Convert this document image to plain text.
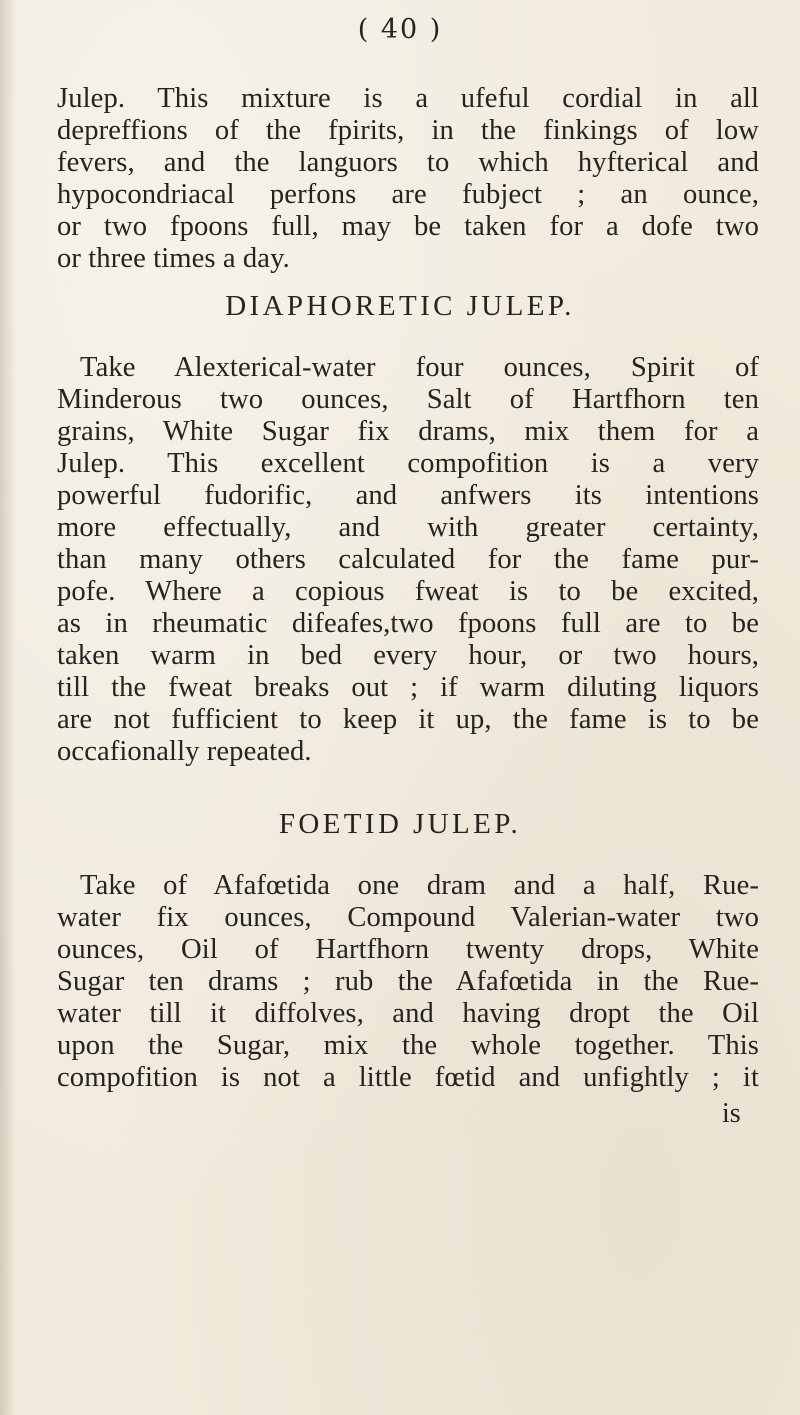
( 40 )
Julep. This mixture is a ufeful cordial in all
depreffions of the fpirits, in the finkings of low
fevers, and the languors to which hyfterical and
hypocondriacal perfons are fubject ; an ounce,
or two fpoons full, may be taken for a dofe two
or three times a day.
DIAPHORETIC JULEP.
Take Alexterical-water four ounces, Spirit of
Minderous two ounces, Salt of Hartfhorn ten
grains, White Sugar fix drams, mix them for a
Julep. This excellent compofition is a very
powerful fudorific, and anfwers its intentions
more effectually, and with greater certainty,
than many others calculated for the fame pur-
pofe. Where a copious fweat is to be excited,
as in rheumatic difeafes,two fpoons full are to be
taken warm in bed every hour, or two hours,
till the fweat breaks out ; if warm diluting liquors
are not fufficient to keep it up, the fame is to be
occafionally repeated.
FOETID JULEP.
Take of Afafœtida one dram and a half, Rue-
water fix ounces, Compound Valerian-water two
ounces, Oil of Hartfhorn twenty drops, White
Sugar ten drams ; rub the Afafœtida in the Rue-
water till it diffolves, and having dropt the Oil
upon the Sugar, mix the whole together. This
compofition is not a little fœtid and unfightly ; it
is
